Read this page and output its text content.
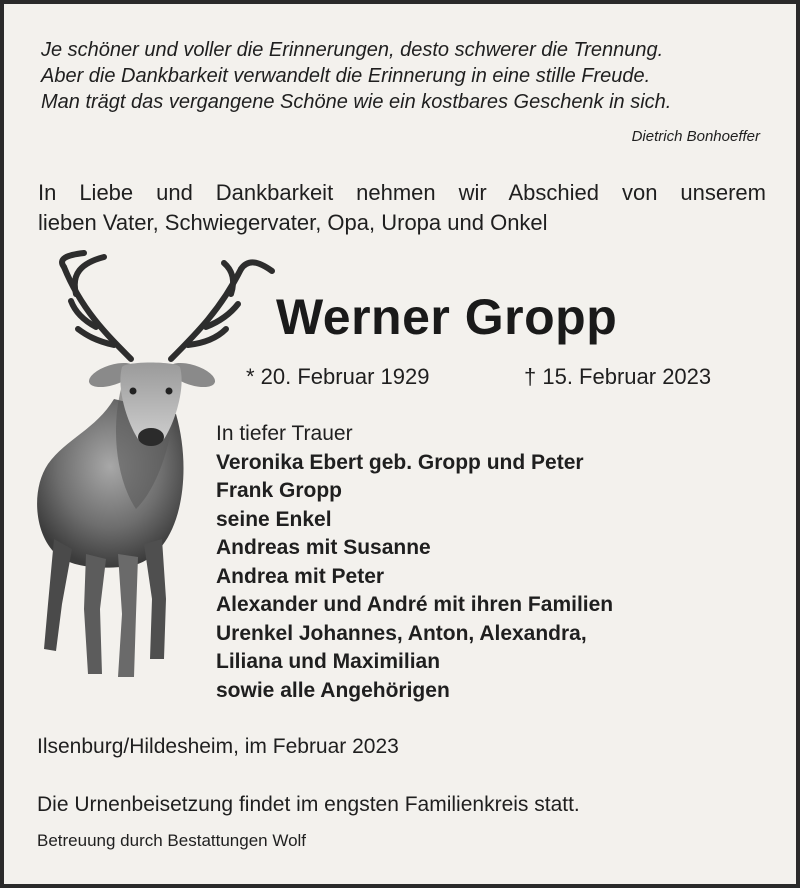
Je schöner und voller die Erinnerungen, desto schwerer die Trennung.
Aber die Dankbarkeit verwandelt die Erinnerung in eine stille Freude.
Man trägt das vergangene Schöne wie ein kostbares Geschenk in sich.
Dietrich Bonhoeffer
In Liebe und Dankbarkeit nehmen wir Abschied von unserem
lieben Vater, Schwiegervater, Opa, Uropa und Onkel
Werner Gropp
* 20. Februar 1929	† 15. Februar 2023
In tiefer Trauer
Veronika Ebert geb. Gropp und Peter
Frank Gropp
seine Enkel
Andreas mit Susanne
Andrea mit Peter
Alexander und André mit ihren Familien
Urenkel Johannes, Anton, Alexandra,
Liliana und Maximilian
sowie alle Angehörigen
Ilsenburg/Hildesheim, im Februar 2023
Die Urnenbeisetzung findet im engsten Familienkreis statt.
Betreuung durch Bestattungen Wolf
